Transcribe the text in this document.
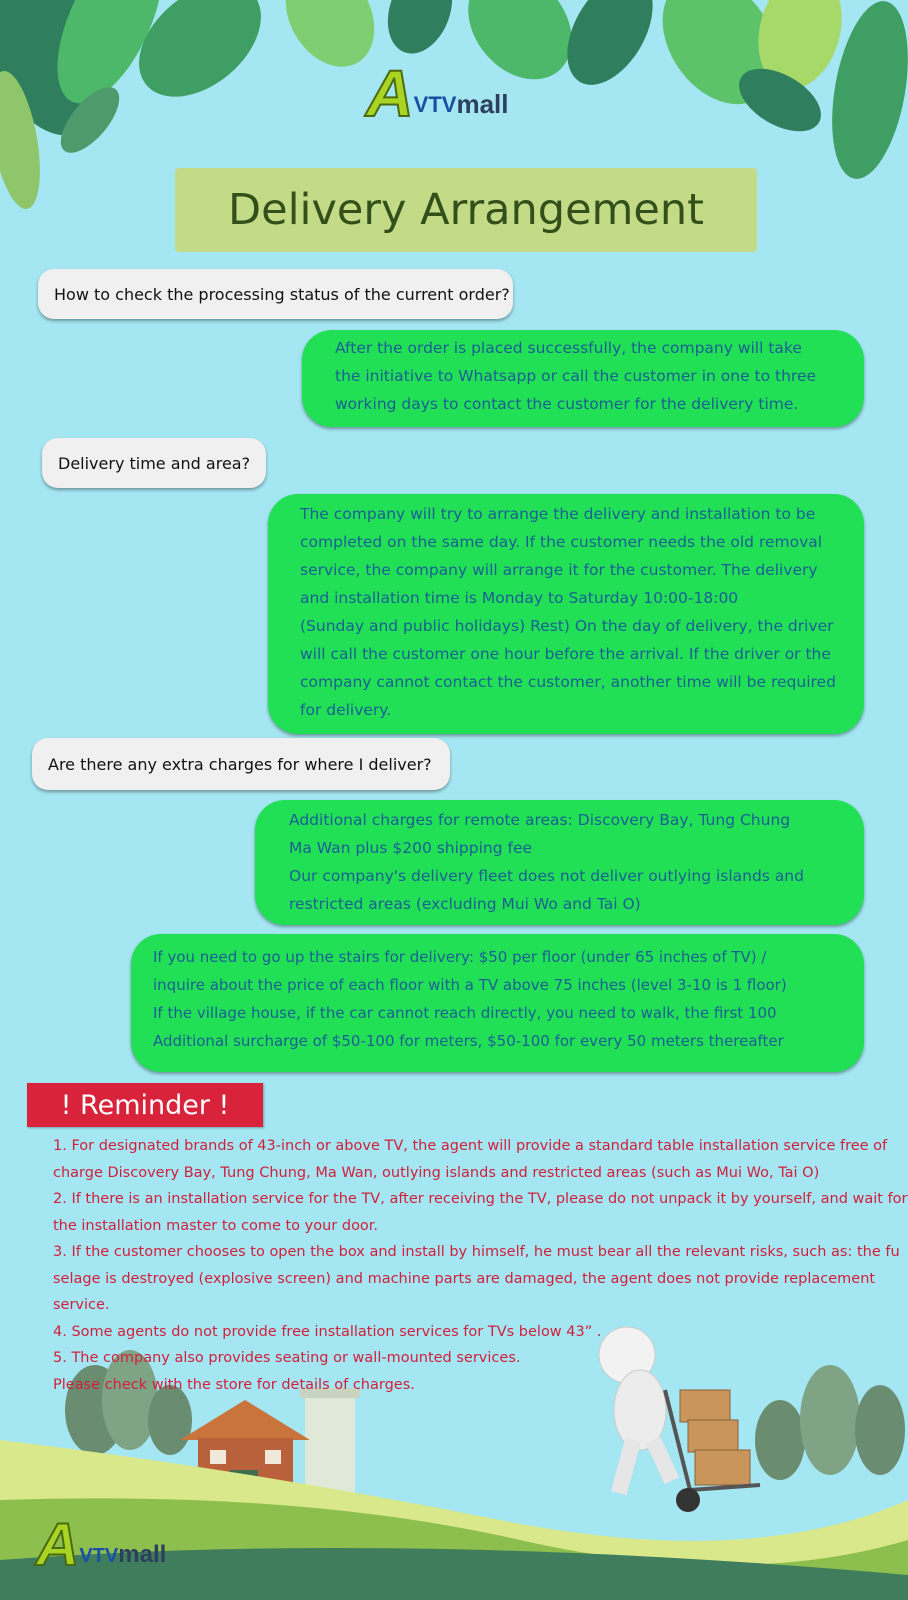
A VTV mall
Delivery Arrangement
How to check the processing status of the current order?
After the order is placed successfully, the company will take
the initiative to Whatsapp or call the customer in one to three
working days to contact the customer for the delivery time.
Delivery time and area?
The company will try to arrange the delivery and installation to be
completed on the same day. If the customer needs the old removal
service, the company will arrange it for the customer. The delivery
and installation time is Monday to Saturday 10:00-18:00
(Sunday and public holidays) Rest) On the day of delivery, the driver
will call the customer one hour before the arrival. If the driver or the
company cannot contact the customer, another time will be required
for delivery.
Are there any extra charges for where I deliver?
Additional charges for remote areas: Discovery Bay, Tung Chung
Ma Wan plus $200 shipping fee
Our company's delivery fleet does not deliver outlying islands and
restricted areas (excluding Mui Wo and Tai O)
If you need to go up the stairs for delivery: $50 per floor (under 65 inches of TV) /
inquire about the price of each floor with a TV above 75 inches (level 3-10 is 1 floor)
If the village house, if the car cannot reach directly, you need to walk, the first 100
Additional surcharge of $50-100 for meters, $50-100 for every 50 meters thereafter
! Reminder !
1. For designated brands of 43-inch or above TV, the agent will provide a standard table installation service free of
charge Discovery Bay, Tung Chung, Ma Wan, outlying islands and restricted areas (such as Mui Wo, Tai O)
2. If there is an installation service for the TV, after receiving the TV, please do not unpack it by yourself, and wait for
the installation master to come to your door.
3. If the customer chooses to open the box and install by himself, he must bear all the relevant risks, such as: the fu
selage is destroyed (explosive screen) and machine parts are damaged, the agent does not provide replacement
service.
4. Some agents do not provide free installation services for TVs below 43” .
5. The company also provides seating or wall-mounted services.
Please check with the store for details of charges.
A VTV mall
